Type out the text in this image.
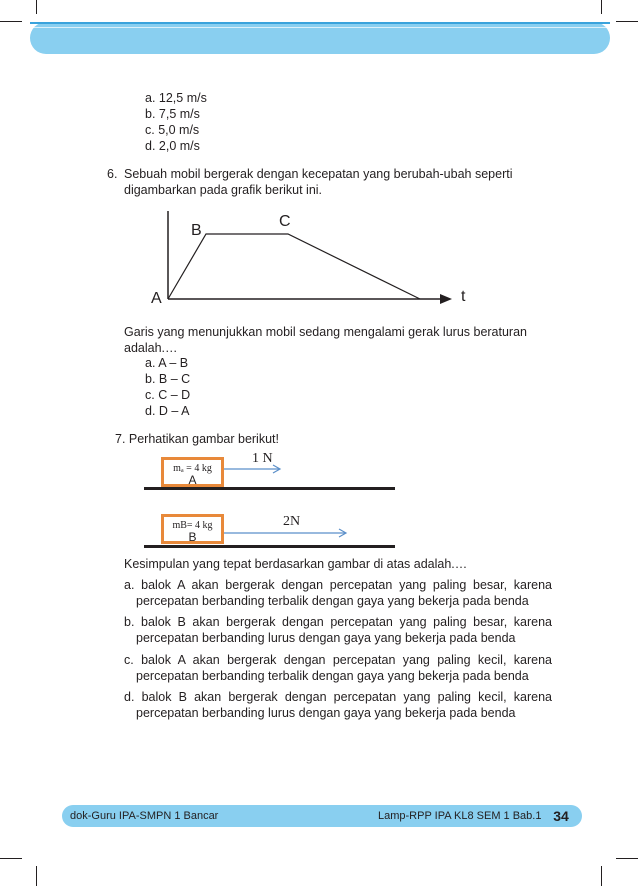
a. 12,5 m/s
b. 7,5 m/s
c. 5,0 m/s
d. 2,0 m/s
6. Sebuah mobil bergerak dengan kecepatan yang berubah-ubah seperti
digambarkan pada grafik berikut ini.
A
B
C
t
Garis yang menunjukkan mobil sedang mengalami gerak lurus beraturan
adalah.…
a. A – B
b. B – C
c. C – D
d. D – A
7. Perhatikan gambar berikut!
mₐ = 4 kg
A
1 N
mB= 4 kg
B
2N
Kesimpulan yang tepat berdasarkan gambar di atas adalah.…
a. balok A akan bergerak dengan percepatan yang paling besar, karena
percepatan berbanding terbalik dengan gaya yang bekerja pada benda
b. balok B akan bergerak dengan percepatan yang paling besar, karena
percepatan berbanding lurus dengan gaya yang bekerja pada benda
c. balok A akan bergerak dengan percepatan yang paling kecil, karena
percepatan berbanding terbalik dengan gaya yang bekerja pada benda
d. balok B akan bergerak dengan percepatan yang paling kecil, karena
percepatan berbanding lurus dengan gaya yang bekerja pada benda
dok-Guru IPA-SMPN 1 Bancar	Lamp-RPP IPA KL8 SEM 1 Bab.1 34
